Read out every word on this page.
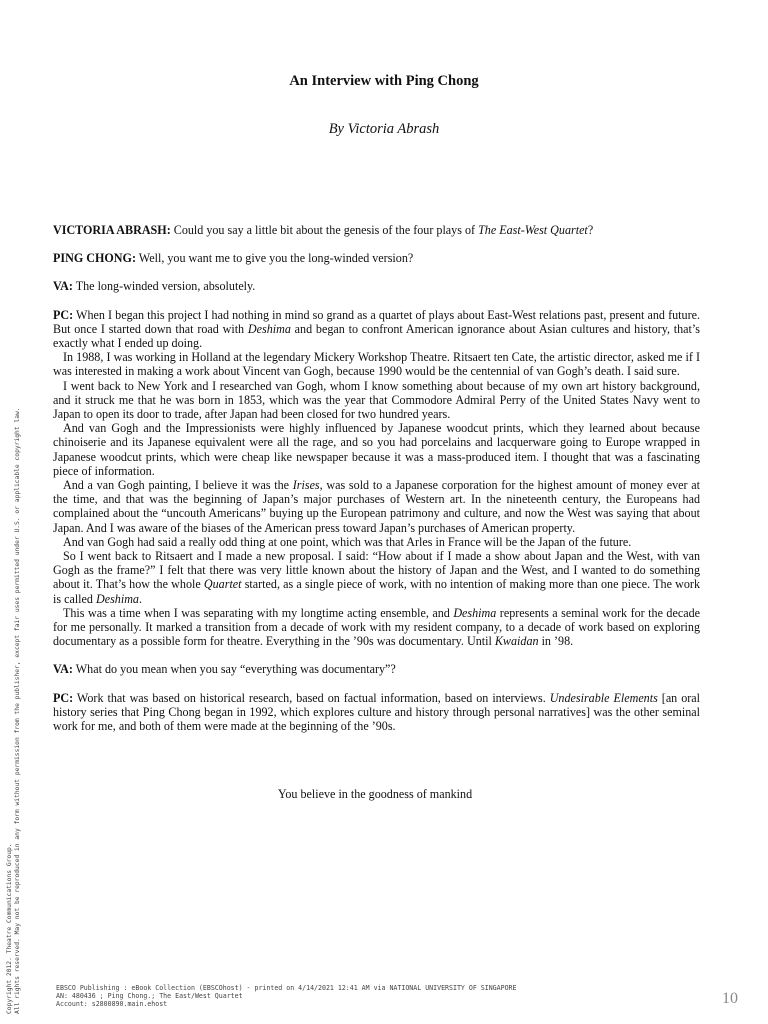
An Interview with Ping Chong
By Victoria Abrash

VICTORIA ABRASH: Could you say a little bit about the genesis of the four plays of The East-West Quartet?

PING CHONG: Well, you want me to give you the long-winded version?

VA: The long-winded version, absolutely.

PC: When I began this project I had nothing in mind so grand as a quartet of plays about East-West relations past, present and future. But once I started down that road with Deshima and began to confront American ignorance about Asian cultures and history, that’s exactly what I ended up doing.

In 1988, I was working in Holland at the legendary Mickery Workshop Theatre. Ritsaert ten Cate, the artistic director, asked me if I was interested in making a work about Vincent van Gogh, because 1990 would be the centennial of van Gogh’s death. I said sure.

I went back to New York and I researched van Gogh, whom I know something about because of my own art history background, and it struck me that he was born in 1853, which was the year that Commodore Admiral Perry of the United States Navy went to Japan to open its door to trade, after Japan had been closed for two hundred years.

And van Gogh and the Impressionists were highly influenced by Japanese woodcut prints, which they learned about because chinoiserie and its Japanese equivalent were all the rage, and so you had porcelains and lacquerware going to Europe wrapped in Japanese woodcut prints, which were cheap like newspaper because it was a mass-produced item. I thought that was a fascinating piece of information.

And a van Gogh painting, I believe it was the Irises, was sold to a Japanese corporation for the highest amount of money ever at the time, and that was the beginning of Japan’s major purchases of Western art. In the nineteenth century, the Europeans had complained about the “uncouth Americans” buying up the European patrimony and culture, and now the West was saying that about Japan. And I was aware of the biases of the American press toward Japan’s purchases of American property.

And van Gogh had said a really odd thing at one point, which was that Arles in France will be the Japan of the future.

So I went back to Ritsaert and I made a new proposal. I said: “How about if I made a show about Japan and the West, with van Gogh as the frame?” I felt that there was very little known about the history of Japan and the West, and I wanted to do something about it. That’s how the whole Quartet started, as a single piece of work, with no intention of making more than one piece. The work is called Deshima.

This was a time when I was separating with my longtime acting ensemble, and Deshima represents a seminal work for the decade for me personally. It marked a transition from a decade of work with my resident company, to a decade of work based on exploring documentary as a possible form for theatre. Everything in the ’90s was documentary. Until Kwaidan in ’98.

VA: What do you mean when you say “everything was documentary”?

PC: Work that was based on historical research, based on factual information, based on interviews. Undesirable Elements [an oral history series that Ping Chong began in 1992, which explores culture and history through personal narratives] was the other seminal work for me, and both of them were made at the beginning of the ’90s.

You believe in the goodness of mankind
Copyright 2012. Theatre Communications Group. All rights reserved. May not be reproduced in any form without permission from the publisher, except fair uses permitted under U.S. or applicable copyright law.	EBSCO Publishing : eBook Collection (EBSCOhost) - printed on 4/14/2021 12:41 AM via NATIONAL UNIVERSITY OF SINGAPORE
AN: 480436 ; Ping Chong.; The East/West Quartet
Account: s2800890.main.ehost	10
